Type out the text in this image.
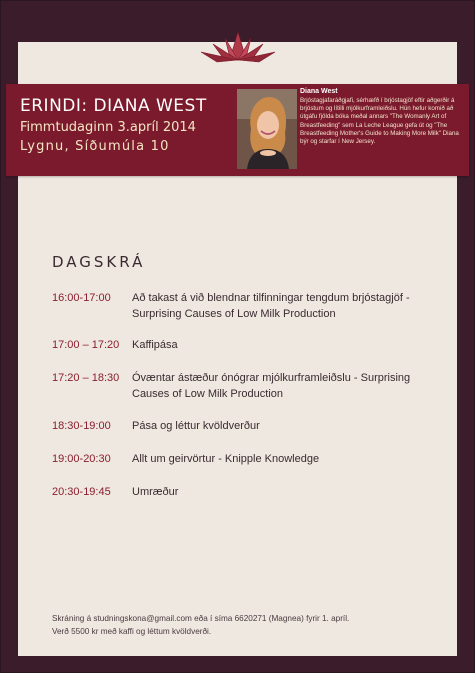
ERINDI: DIANA WEST
Fimmtudaginn 3.apríl 2014
Lygnu, Síðumúla 10
Diana West
Brjóstagjafaráðgjafi, sérhæfð í brjóstagjöf eftir aðgerðir á brjóstum og lítilli mjólkurframleiðslu. Hún hefur komið að útgáfu fjölda bóka meðal annars "The Womanly Art of Breastfeeding" sem La Leche League gefa út og "The Breastfeeding Mother's Guide to Making More Milk" Diana býr og starfar í New Jersey.
DAGSKRÁ
16:00-17:00 Að takast á við blendnar tilfinningar tengdum brjóstagjöf - Surprising Causes of Low Milk Production
17:00 – 17:20 Kaffipása
17:20 – 18:30 Óvæntar ástæður ónógrar mjólkurframleiðslu - Surprising Causes of Low Milk Production
18:30-19:00 Pása og léttur kvöldverður
19:00-20:30 Allt um geirvörtur - Knipple Knowledge
20:30-19:45 Umræður
Skráning á studningskona@gmail.com eða í síma 6620271 (Magnea) fyrir 1. apríl.
Verð 5500 kr með kaffi og léttum kvöldverði.
